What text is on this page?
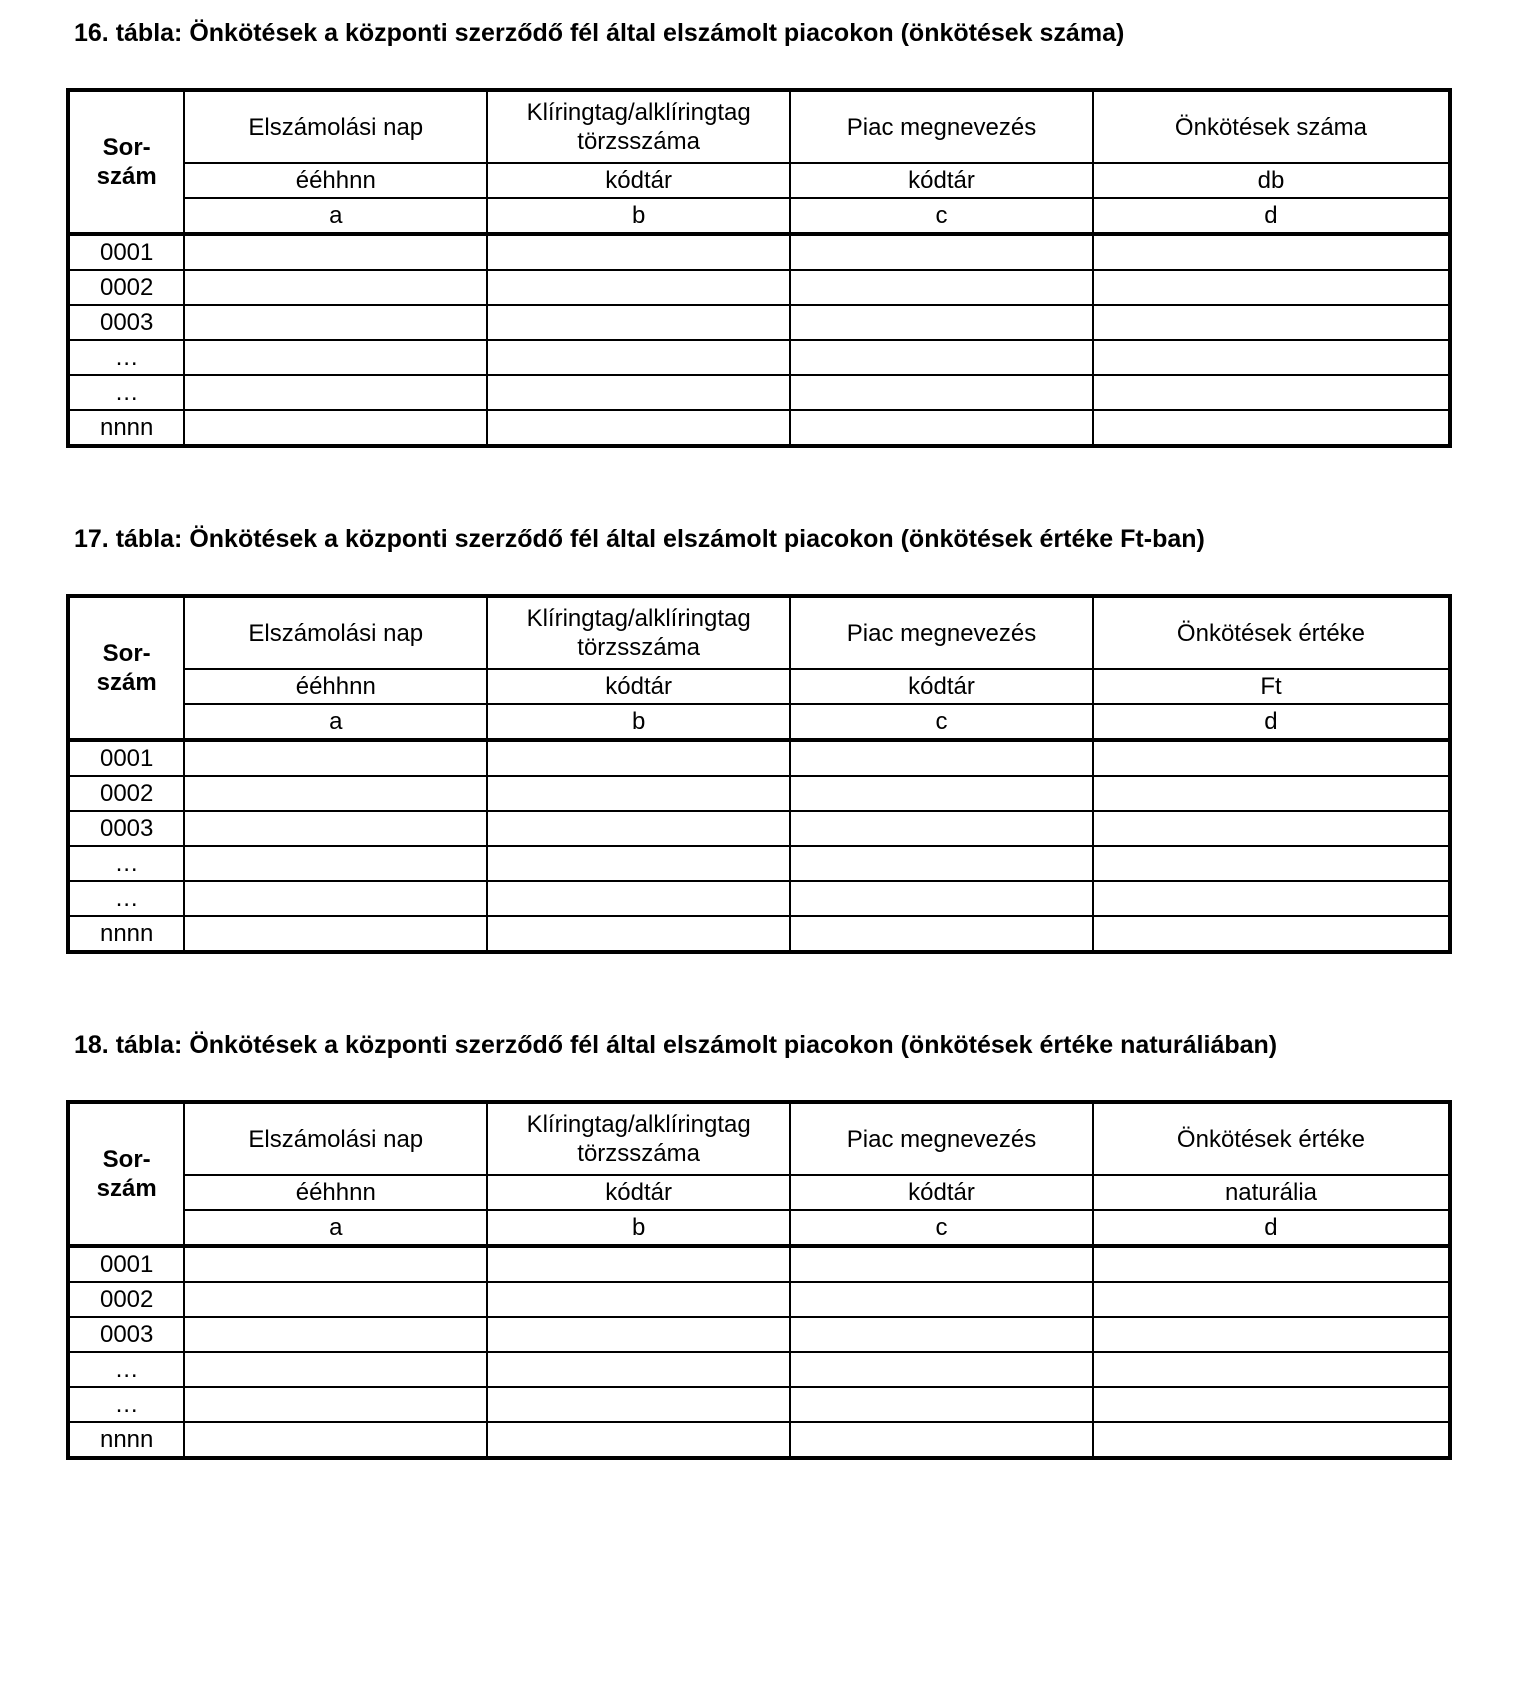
16. tábla: Önkötések a központi szerződő fél által elszámolt piacokon (önkötések száma)
Sor-
szám	Elszámolási nap	Klíringtag/alklíringtag törzsszáma	Piac megnevezés	Önkötések száma
	ééhhnn	kódtár	kódtár	db
	a	b	c	d
0001				
0002				
0003				
…				
…				
nnnn				
17. tábla: Önkötések a központi szerződő fél által elszámolt piacokon (önkötések értéke Ft-ban)
Sor-
szám	Elszámolási nap	Klíringtag/alklíringtag törzsszáma	Piac megnevezés	Önkötések értéke
	ééhhnn	kódtár	kódtár	Ft
	a	b	c	d
0001				
0002				
0003				
…				
…				
nnnn				
18. tábla: Önkötések a központi szerződő fél által elszámolt piacokon (önkötések értéke naturáliában)
Sor-
szám	Elszámolási nap	Klíringtag/alklíringtag törzsszáma	Piac megnevezés	Önkötések értéke
	ééhhnn	kódtár	kódtár	naturália
	a	b	c	d
0001				
0002				
0003				
…				
…				
nnnn				
